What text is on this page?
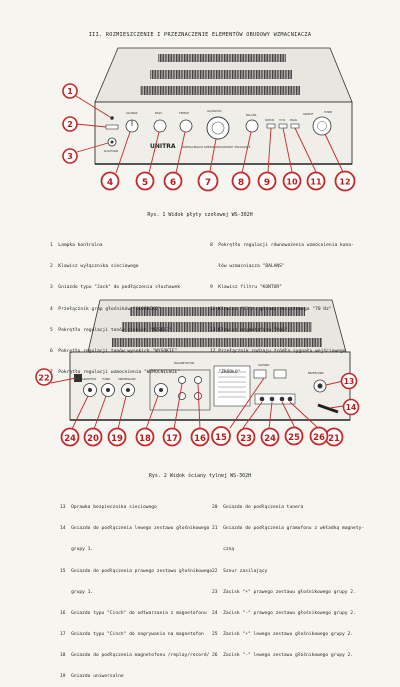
III. ROZMIESZCZENIE I PRZEZNACZENIE ELEMENTÓW OBUDOWY WZMACNIACZA
UNITRA WZMACNIACZ SZEROKOPASMOWY PW-KN/2/3
GŁOŚNIK	BASS	TREBLE
GŁOŚNOŚĆ
BALANS
KONTUR 70 Hz	MAGN.
GRAMOF
TUNER
SŁUCHAWKI
1
2
3
4	5 6	7	8 9 10 11 12
MAGNETOFON
GRAMOFON TUNER	UNIWERSALNE
GŁOŚNIKI
BEZPIECZNIK
13
14
15
16
17
18
19
20	21
22
23
24	24 25 26
Rys. 1 Widok płyty czołowej WS-302H

1  Lampka kontrolna

2  Klawisz wyłącznika sieciowego

3  Gniazdo typu "Jack" do podłączenia słuchawek

4  Przełącznik grup głośników "GŁOŚNIKI"

5  Pokrętło regulacji tonów niskich "NISKIE"

6  Pokrętło regulacji tonów wysokich "WYSOKIE"

7  Pokrętło regulacji wzmocnienia "WZMOCNIENIE"

8  Pokrętło regulacji równoważenia wzmocnienia kana-

łów wzmacniacza "BALANS"

9  Klawisz filtru "KONTUR"

10 Klawisz filtru górnoprzepustowego "70 Hz"

11 Klawisz magnetofonu "MAG"

12 Przełącznik rodzaju źródła sygnału wejściowego

"ŹRÓDŁO"

Rys. 2 Widok ściany tylnej WS-302H

13  Oprawka bezpiecznika sieciowego

14  Gniazdo do podłączenia lewego zestawu głośnikowego

grupy 1.

15  Gniazdo do podłączenia prawego zestawu głośnikowego

grupy 1.

16  Gniazdo typu "Cinch" do odtwarzania z magnetofonu

17  Gniazdo typu "Cinch" do nagrywania na magnetofon

18  Gniazdo do podłączenia magnetofonu /replay/record/

19  Gniazdo uniwersalne

20  Gniazdo do podłączenia tunera

21  Gniazdo do podłączenia gramofonu z wkładką magnety-

czną

22  Sznur zasilający

23  Zacisk "+" prawego zestawu głośnikowego grupy 2.

24  Zacisk "-" prawego zestawu głośnikowego grupy 2.

25  Zacisk "+" lewego zestawu głośnikowego grupy 2.

26  Zacisk "-" lewego zestawu głośnikowego grupy 2.
